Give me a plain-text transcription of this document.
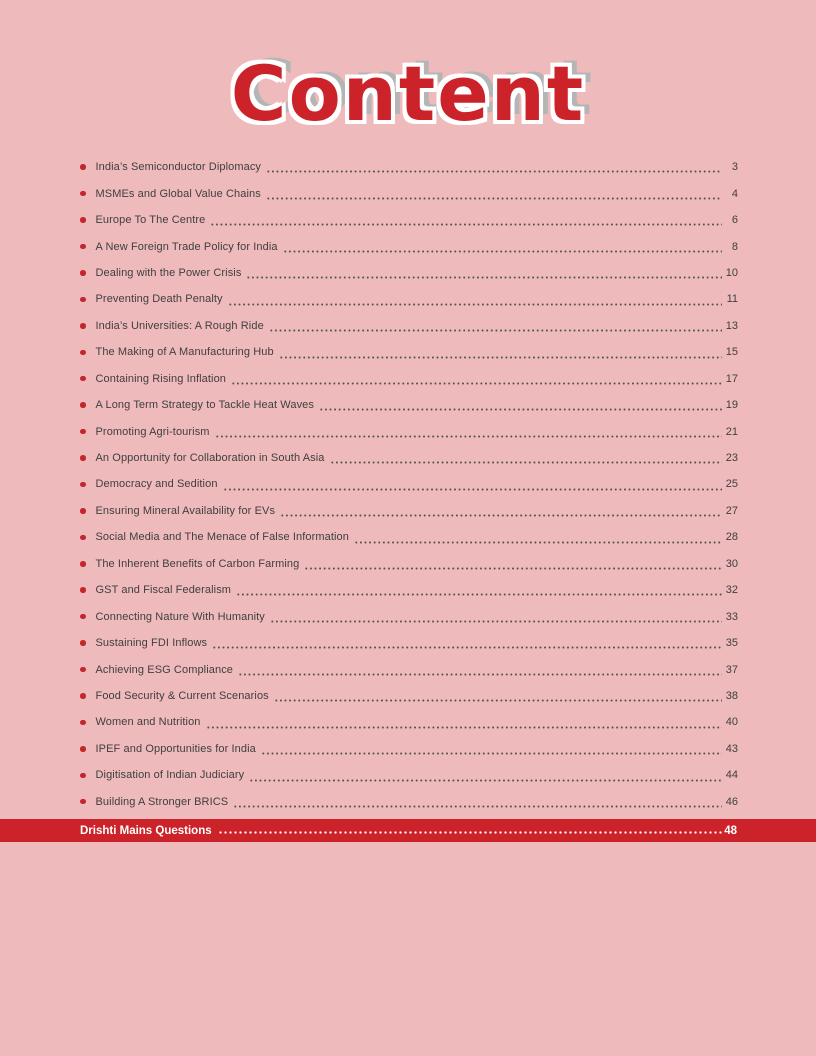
Content
India’s Semiconductor Diplomacy	3
MSMEs and Global Value Chains	4
Europe To The Centre	6
A New Foreign Trade Policy for India	8
Dealing with the Power Crisis	10
Preventing Death Penalty	11
India’s Universities: A Rough Ride	13
The Making of A Manufacturing Hub	15
Containing Rising Inflation	17
A Long Term Strategy to Tackle Heat Waves	19
Promoting Agri-tourism	21
An Opportunity for Collaboration in South Asia	23
Democracy and Sedition	25
Ensuring Mineral Availability for EVs	27
Social Media and The Menace of False Information	28
The Inherent Benefits of Carbon Farming	30
GST and Fiscal Federalism	32
Connecting Nature With Humanity	33
Sustaining FDI Inflows	35
Achieving ESG Compliance	37
Food Security & Current Scenarios	38
Women and Nutrition	40
IPEF and Opportunities for India	43
Digitisation of Indian Judiciary	44
Building A Stronger BRICS	46
Drishti Mains Questions	48
